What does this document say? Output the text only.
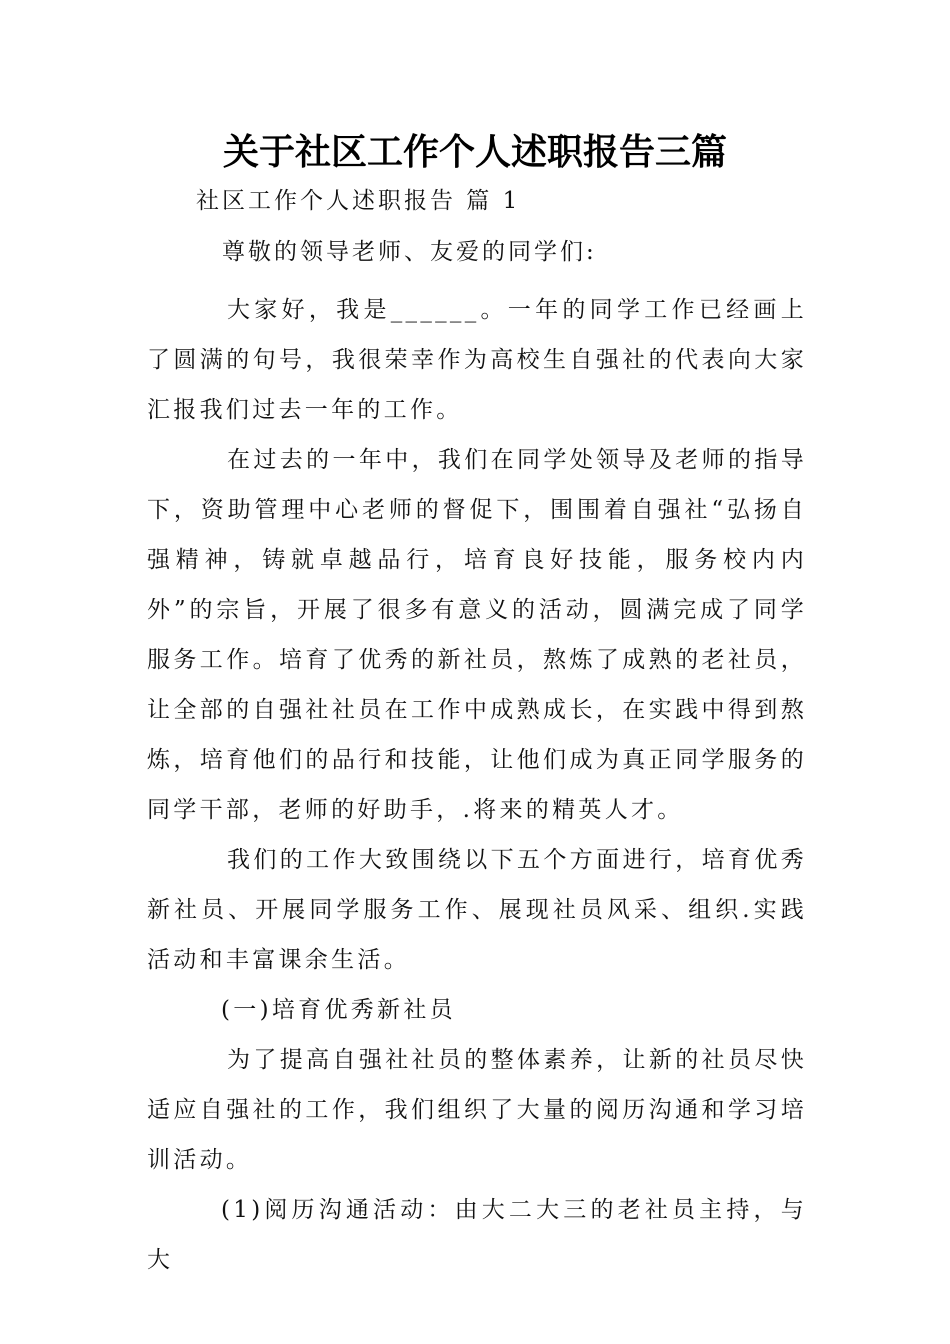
关于社区工作个人述职报告三篇
社区工作个人述职报告 篇 1
尊敬的领导老师、友爱的同学们:

大家好，我是______。一年的同学工作已经画上了圆满的句号，我很荣幸作为高校生自强社的代表向大家汇报我们过去一年的工作。

在过去的一年中，我们在同学处领导及老师的指导下，资助管理中心老师的督促下，围围着自强社“弘扬自强精神，铸就卓越品行，培育良好技能，服务校内内外”的宗旨，开展了很多有意义的活动，圆满完成了同学服务工作。培育了优秀的新社员，熬炼了成熟的老社员，让全部的自强社社员在工作中成熟成长，在实践中得到熬炼，培育他们的品行和技能，让他们成为真正同学服务的同学干部，老师的好助手，.将来的精英人才。

我们的工作大致围绕以下五个方面进行，培育优秀新社员、开展同学服务工作、展现社员风采、组织.实践活动和丰富课余生活。

(一)培育优秀新社员

为了提高自强社社员的整体素养，让新的社员尽快适应自强社的工作，我们组织了大量的阅历沟通和学习培训活动。

(1)阅历沟通活动：由大二大三的老社员主持，与大
